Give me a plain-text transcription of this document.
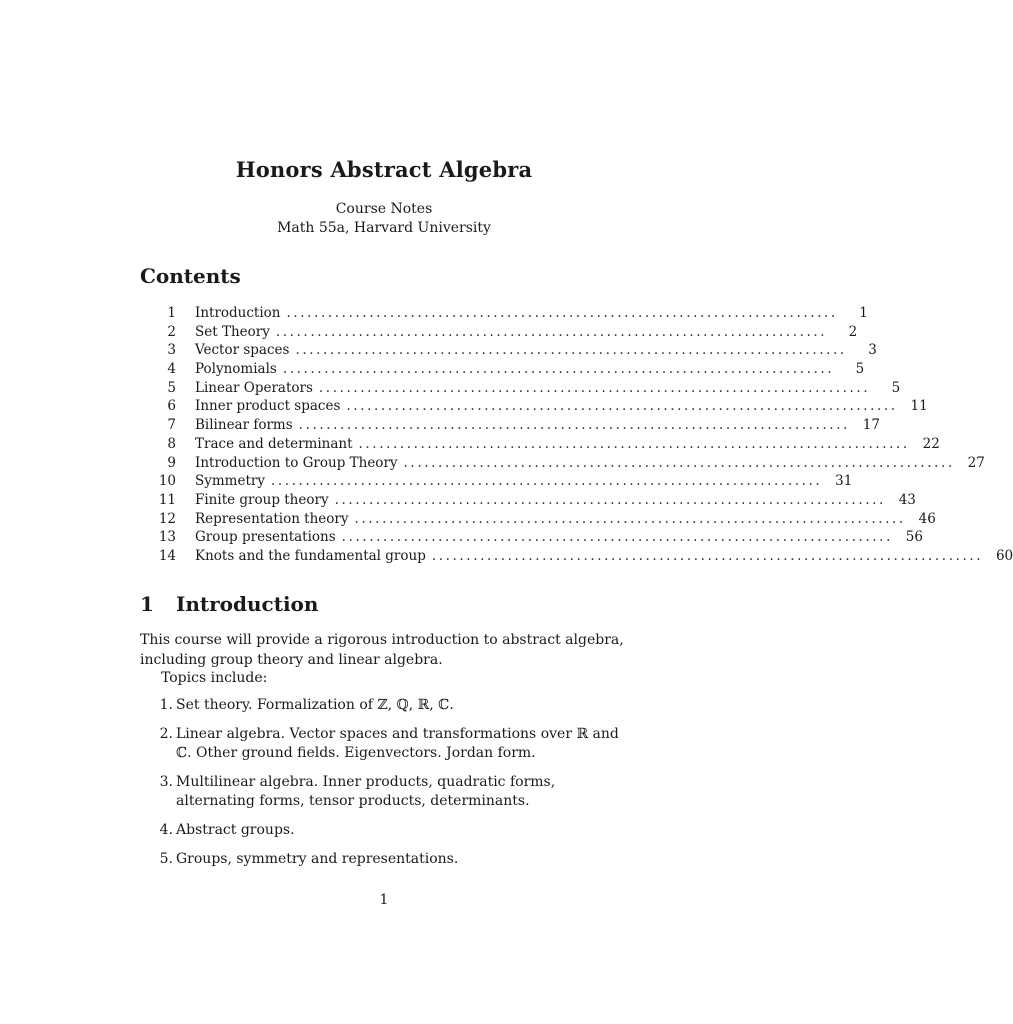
Honors Abstract Algebra
Course Notes
Math 55a, Harvard University
Contents
1 Introduction ................................................................................	1
2 Set Theory ................................................................................	2
3 Vector spaces ................................................................................	3
4 Polynomials ................................................................................	5
5 Linear Operators ................................................................................	5
6 Inner product spaces ................................................................................ 11
7 Bilinear forms ................................................................................ 17
8 Trace and determinant ................................................................................ 22
9 Introduction to Group Theory ................................................................................ 27
10 Symmetry ................................................................................ 31
11 Finite group theory ................................................................................ 43
12 Representation theory ................................................................................ 46
13 Group presentations ................................................................................ 56
14 Knots and the fundamental group ................................................................................ 60
1 Introduction
This course will provide a rigorous introduction to abstract algebra, including group theory and linear algebra.
Topics include:
1. Set theory. Formalization of ℤ, ℚ, ℝ, ℂ.
2. Linear algebra. Vector spaces and transformations over ℝ and ℂ. Other ground fields. Eigenvectors. Jordan form.
3. Multilinear algebra. Inner products, quadratic forms, alternating forms, tensor products, determinants.
4. Abstract groups.
5. Groups, symmetry and representations.
1
